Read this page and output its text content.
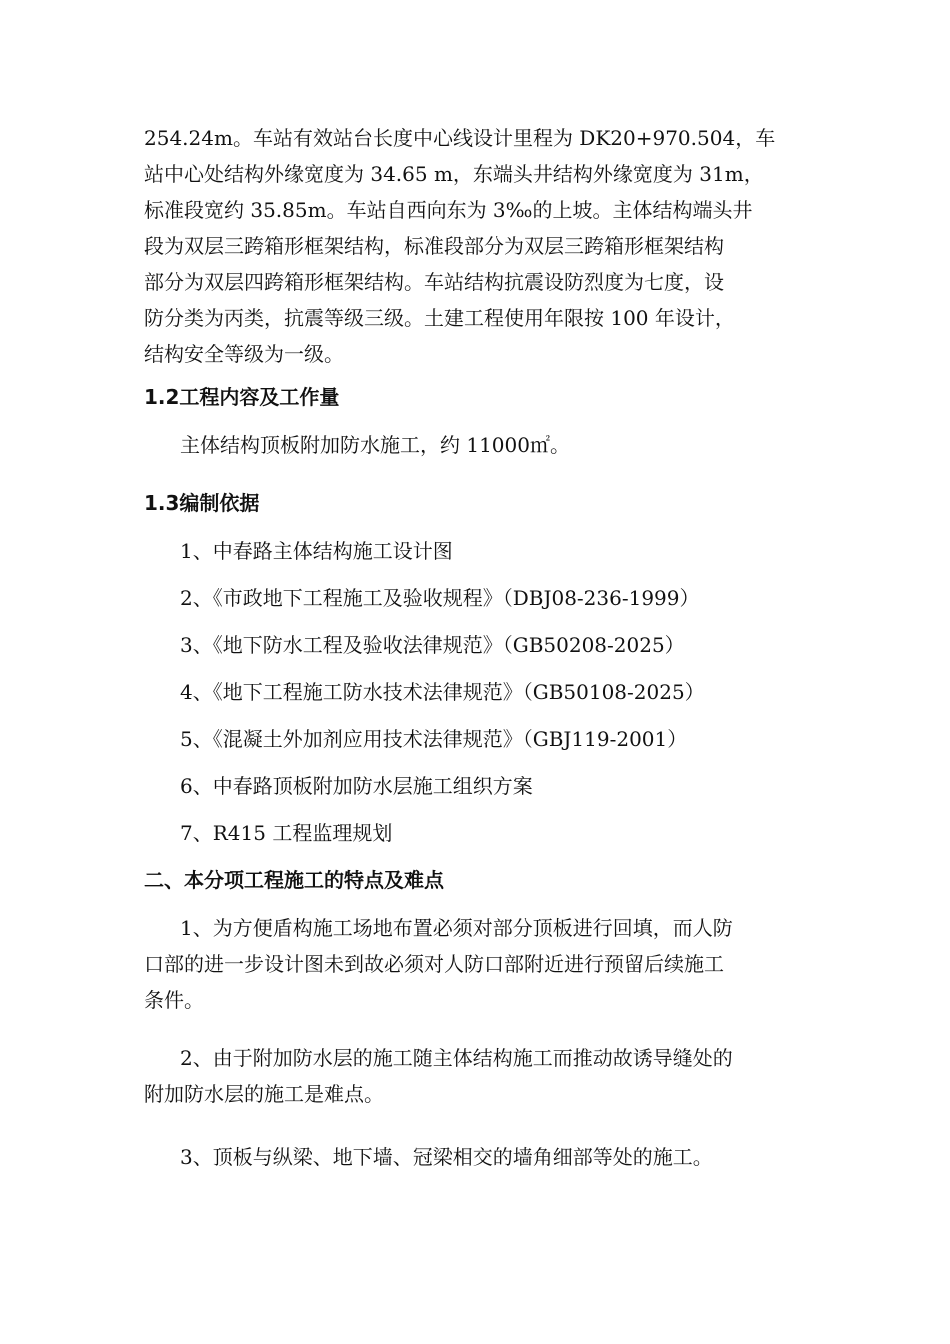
254.24m。车站有效站台长度中心线设计里程为 DK20+970.504，车

站中心处结构外缘宽度为 34.65 m，东端头井结构外缘宽度为 31m，

标准段宽约 35.85m。车站自西向东为 3‰的上坡。主体结构端头井

段为双层三跨箱形框架结构，标准段部分为双层三跨箱形框架结构

部分为双层四跨箱形框架结构。车站结构抗震设防烈度为七度，设

防分类为丙类，抗震等级三级。土建工程使用年限按 100 年设计，

结构安全等级为一级。

1.2工程内容及工作量

主体结构顶板附加防水施工，约 11000㎡。

1.3编制依据

1、中春路主体结构施工设计图

2、《市政地下工程施工及验收规程》（DBJ08-236-1999）

3、《地下防水工程及验收法律规范》（GB50208-2025）

4、《地下工程施工防水技术法律规范》（GB50108-2025）

5、《混凝土外加剂应用技术法律规范》（GBJ119-2001）

6、中春路顶板附加防水层施工组织方案

7、R415 工程监理规划

二、本分项工程施工的特点及难点

1、为方便盾构施工场地布置必须对部分顶板进行回填，而人防

口部的进一步设计图未到故必须对人防口部附近进行预留后续施工

条件。

2、由于附加防水层的施工随主体结构施工而推动故诱导缝处的

附加防水层的施工是难点。

3、顶板与纵梁、地下墙、冠梁相交的墙角细部等处的施工。
